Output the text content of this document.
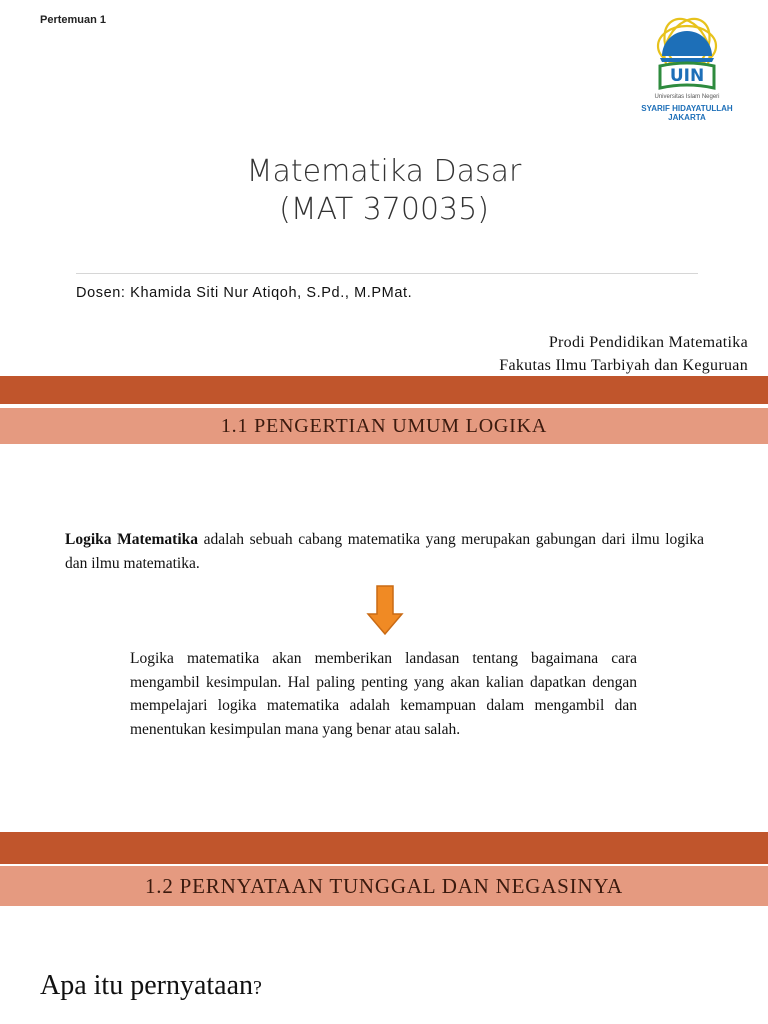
Pertemuan 1
UIN
Universitas Islam Negeri
SYARIF HIDAYATULLAH JAKARTA
Matematika Dasar
(MAT 370035)
Dosen: Khamida Siti Nur Atiqoh, S.Pd., M.PMat.
Prodi Pendidikan Matematika
Fakutas Ilmu Tarbiyah dan Keguruan
1.1 PENGERTIAN UMUM LOGIKA
Logika Matematika adalah sebuah cabang matematika yang merupakan gabungan dari ilmu logika dan ilmu matematika.
Logika matematika akan memberikan landasan tentang bagaimana cara mengambil kesimpulan. Hal paling penting yang akan kalian dapatkan dengan mempelajari logika matematika adalah kemampuan dalam mengambil dan menentukan kesimpulan mana yang benar atau salah.
1.2 PERNYATAAN TUNGGAL DAN NEGASINYA
Apa itu pernyataan?
